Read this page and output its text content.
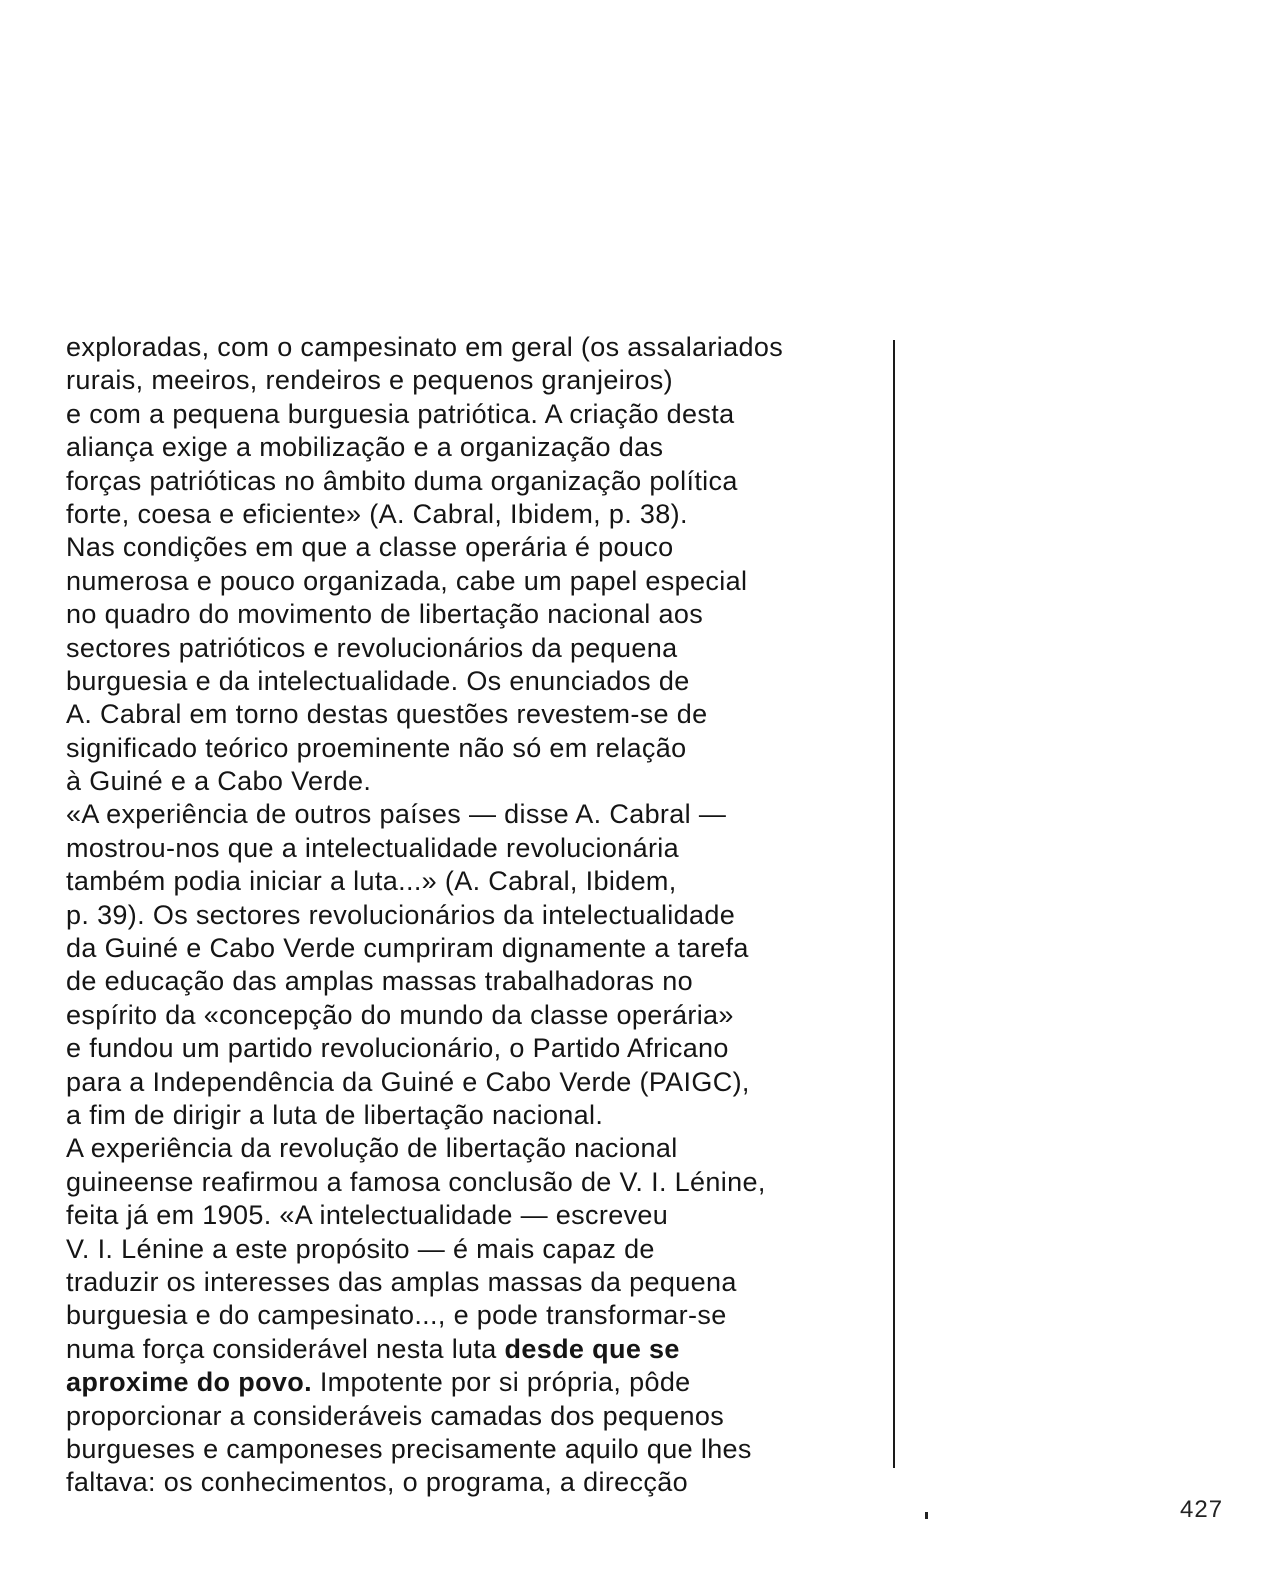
exploradas, com o campesinato em geral (os assalariados
rurais, meeiros, rendeiros e pequenos granjeiros)
e com a pequena burguesia patriótica. A criação desta
aliança exige a mobilização e a organização das
forças patrióticas no âmbito duma organização política
forte, coesa e eficiente» (A. Cabral, Ibidem, p. 38).
Nas condições em que a classe operária é pouco
numerosa e pouco organizada, cabe um papel especial
no quadro do movimento de libertação nacional aos
sectores patrióticos e revolucionários da pequena
burguesia e da intelectualidade. Os enunciados de
A. Cabral em torno destas questões revestem-se de
significado teórico proeminente não só em relação
à Guiné e a Cabo Verde.
«A experiência de outros países — disse A. Cabral —
mostrou-nos que a intelectualidade revolucionária
também podia iniciar a luta...» (A. Cabral, Ibidem,
p. 39). Os sectores revolucionários da intelectualidade
da Guiné e Cabo Verde cumpriram dignamente a tarefa
de educação das amplas massas trabalhadoras no
espírito da «concepção do mundo da classe operária»
e fundou um partido revolucionário, o Partido Africano
para a Independência da Guiné e Cabo Verde (PAIGC),
a fim de dirigir a luta de libertação nacional.
A experiência da revolução de libertação nacional
guineense reafirmou a famosa conclusão de V. I. Lénine,
feita já em 1905. «A intelectualidade — escreveu
V. I. Lénine a este propósito — é mais capaz de
traduzir os interesses das amplas massas da pequena
burguesia e do campesinato..., e pode transformar-se
numa força considerável nesta luta desde que se
aproxime do povo. Impotente por si própria, pôde
proporcionar a consideráveis camadas dos pequenos
burgueses e camponeses precisamente aquilo que lhes
faltava: os conhecimentos, o programa, a direcção
427
